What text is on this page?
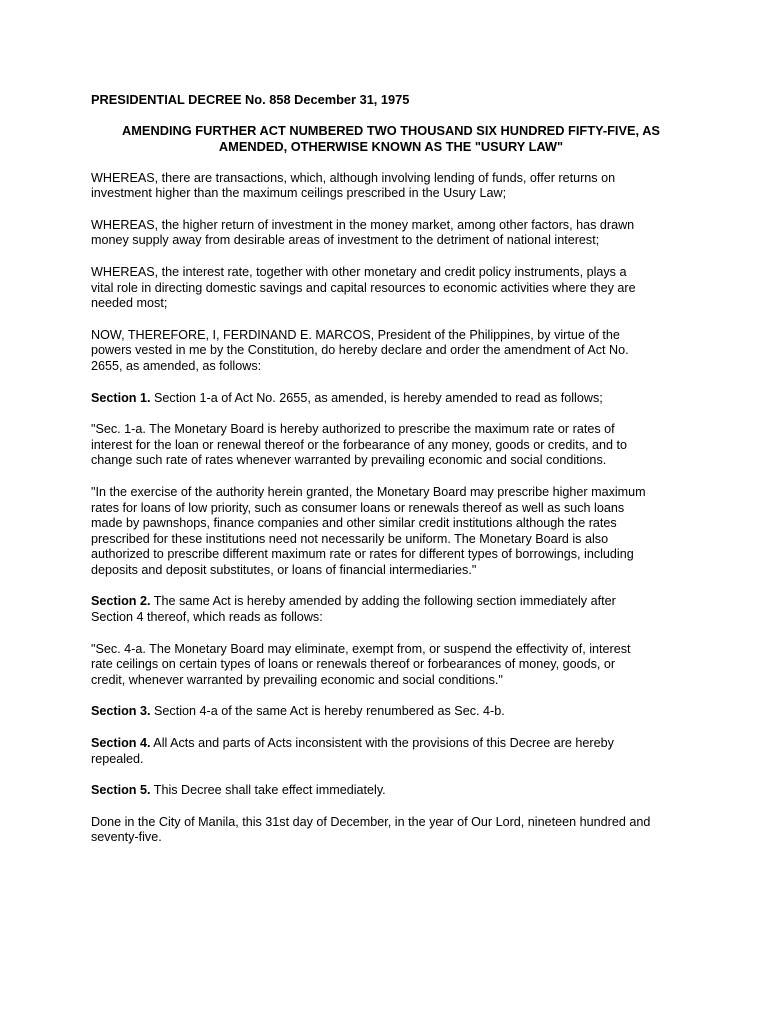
PRESIDENTIAL DECREE No. 858 December 31, 1975
AMENDING FURTHER ACT NUMBERED TWO THOUSAND SIX HUNDRED FIFTY-FIVE, AS
AMENDED, OTHERWISE KNOWN AS THE "USURY LAW"
WHEREAS, there are transactions, which, although involving lending of funds, offer returns on
investment higher than the maximum ceilings prescribed in the Usury Law;
WHEREAS, the higher return of investment in the money market, among other factors, has drawn
money supply away from desirable areas of investment to the detriment of national interest;
WHEREAS, the interest rate, together with other monetary and credit policy instruments, plays a
vital role in directing domestic savings and capital resources to economic activities where they are
needed most;
NOW, THEREFORE, I, FERDINAND E. MARCOS, President of the Philippines, by virtue of the
powers vested in me by the Constitution, do hereby declare and order the amendment of Act No.
2655, as amended, as follows:
Section 1. Section 1-a of Act No. 2655, as amended, is hereby amended to read as follows;
"Sec. 1-a. The Monetary Board is hereby authorized to prescribe the maximum rate or rates of
interest for the loan or renewal thereof or the forbearance of any money, goods or credits, and to
change such rate of rates whenever warranted by prevailing economic and social conditions.
"In the exercise of the authority herein granted, the Monetary Board may prescribe higher maximum
rates for loans of low priority, such as consumer loans or renewals thereof as well as such loans
made by pawnshops, finance companies and other similar credit institutions although the rates
prescribed for these institutions need not necessarily be uniform. The Monetary Board is also
authorized to prescribe different maximum rate or rates for different types of borrowings, including
deposits and deposit substitutes, or loans of financial intermediaries."
Section 2. The same Act is hereby amended by adding the following section immediately after
Section 4 thereof, which reads as follows:
"Sec. 4-a. The Monetary Board may eliminate, exempt from, or suspend the effectivity of, interest
rate ceilings on certain types of loans or renewals thereof or forbearances of money, goods, or
credit, whenever warranted by prevailing economic and social conditions."
Section 3. Section 4-a of the same Act is hereby renumbered as Sec. 4-b.
Section 4. All Acts and parts of Acts inconsistent with the provisions of this Decree are hereby
repealed.
Section 5. This Decree shall take effect immediately.
Done in the City of Manila, this 31st day of December, in the year of Our Lord, nineteen hundred and
seventy-five.
